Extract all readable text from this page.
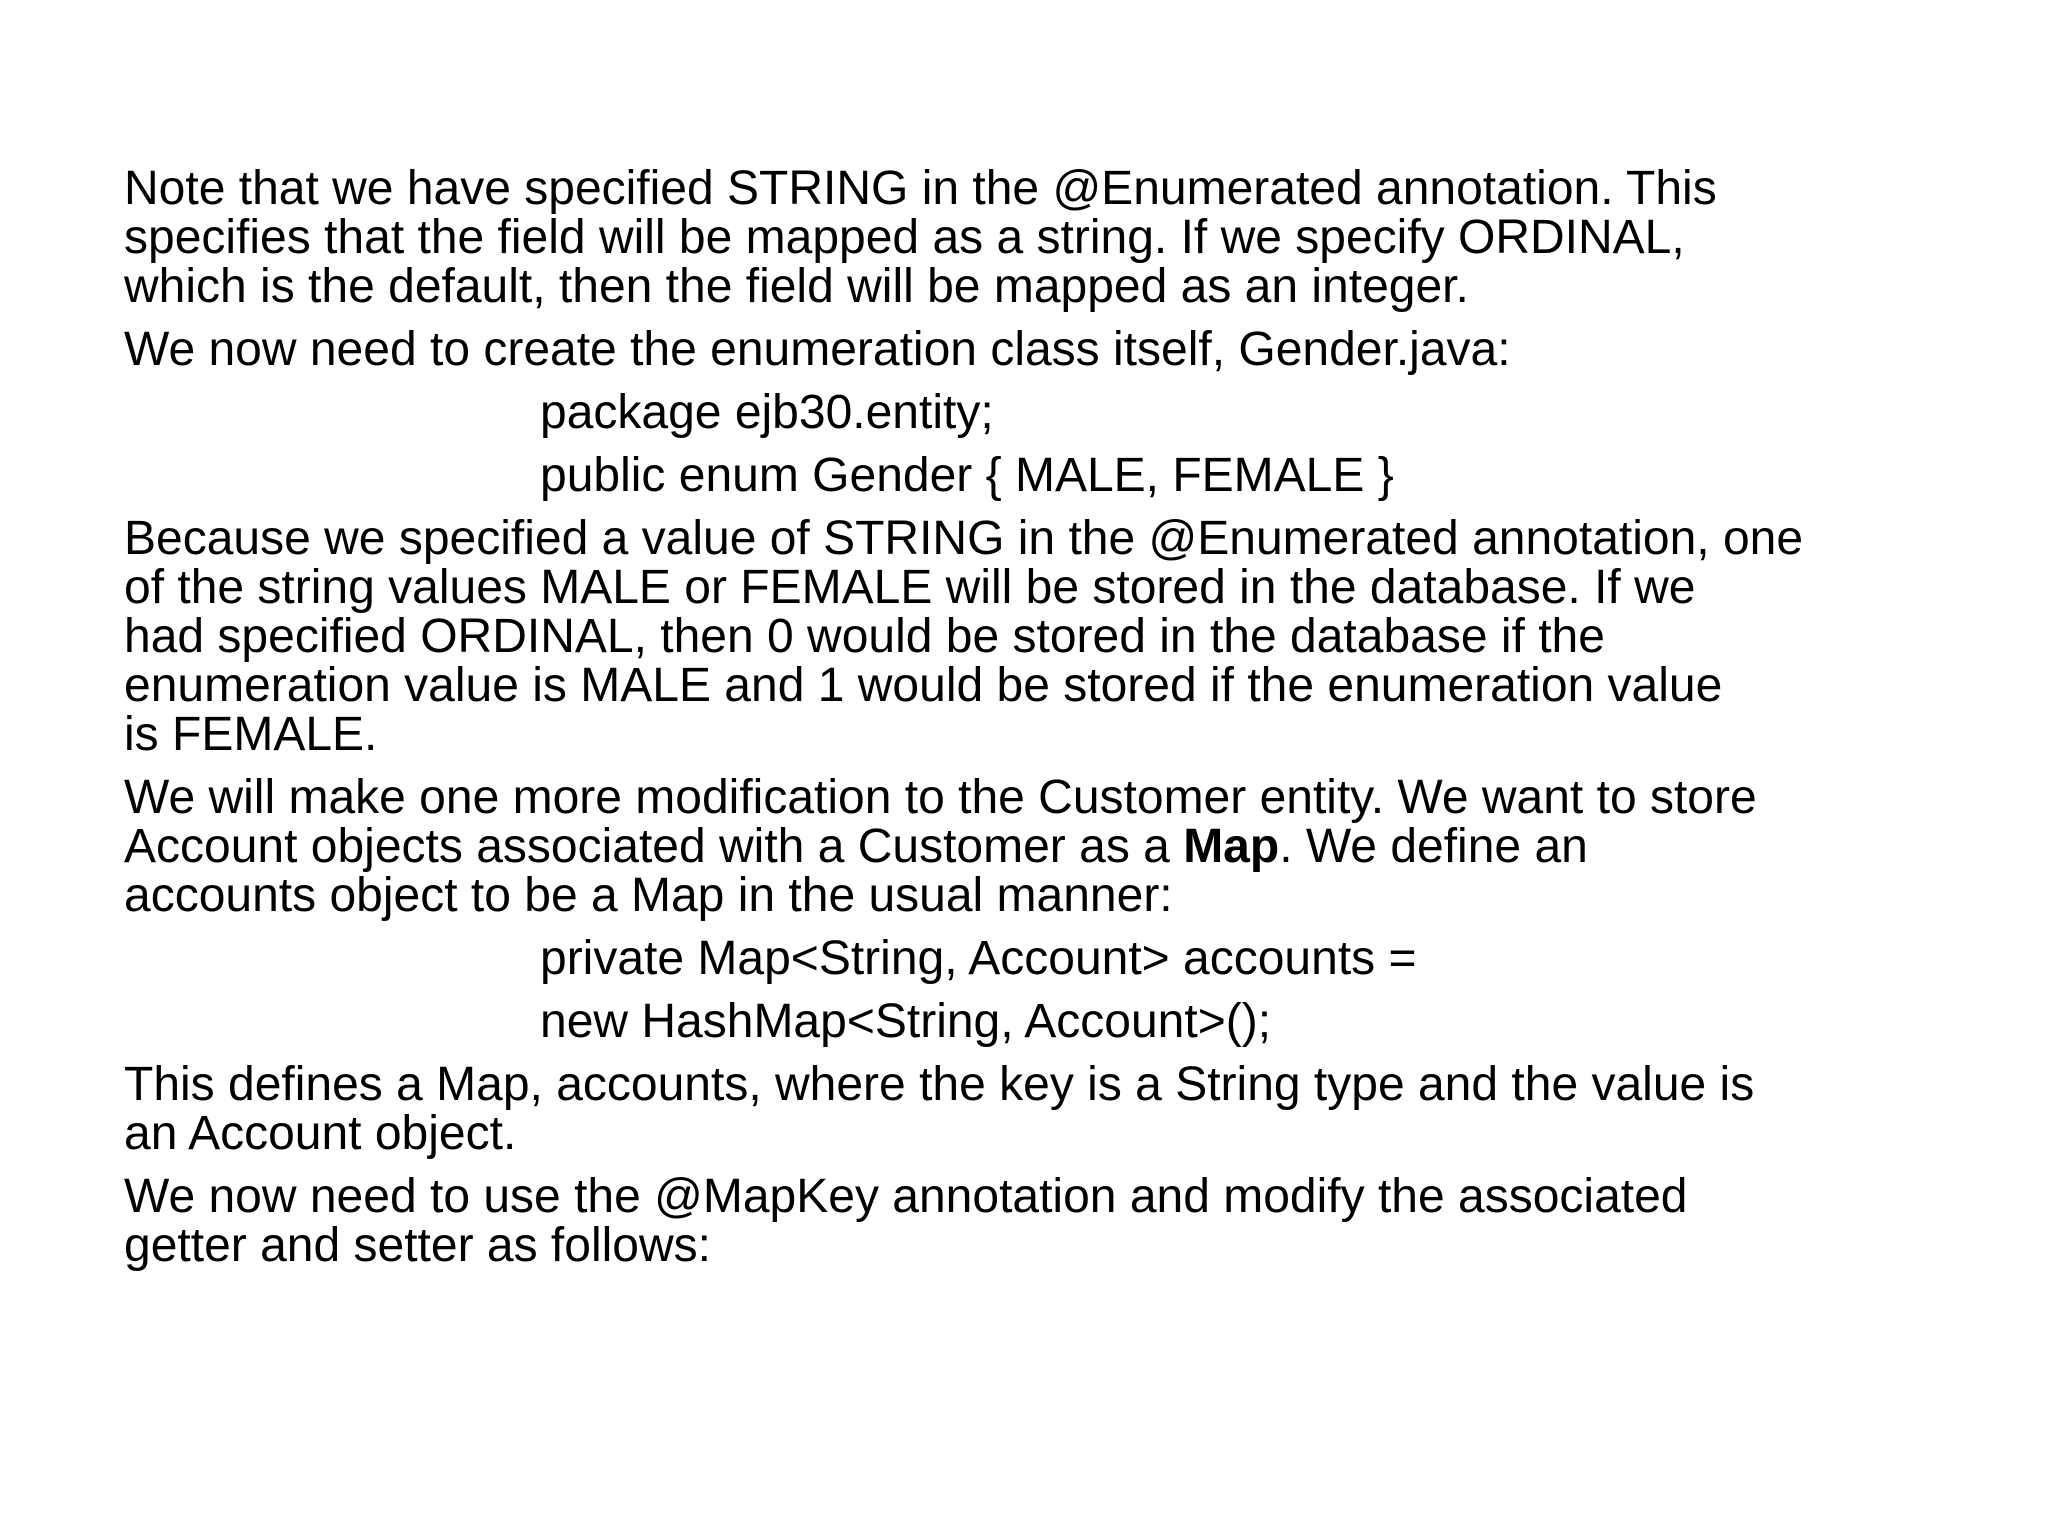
Note that we have specified STRING in the @Enumerated annotation. This
specifies that the field will be mapped as a string. If we specify ORDINAL,
which is the default, then the field will be mapped as an integer.
We now need to create the enumeration class itself, Gender.java:
package ejb30.entity;
public enum Gender { MALE, FEMALE }
Because we specified a value of STRING in the @Enumerated annotation, one
of the string values MALE or FEMALE will be stored in the database. If we
had specified ORDINAL, then 0 would be stored in the database if the
enumeration value is MALE and 1 would be stored if the enumeration value
is FEMALE.
We will make one more modification to the Customer entity. We want to store
Account objects associated with a Customer as a Map. We define an
accounts object to be a Map in the usual manner:
private Map<String, Account> accounts =
new HashMap<String, Account>();
This defines a Map, accounts, where the key is a String type and the value is
an Account object.
We now need to use the @MapKey annotation and modify the associated
getter and setter as follows:
